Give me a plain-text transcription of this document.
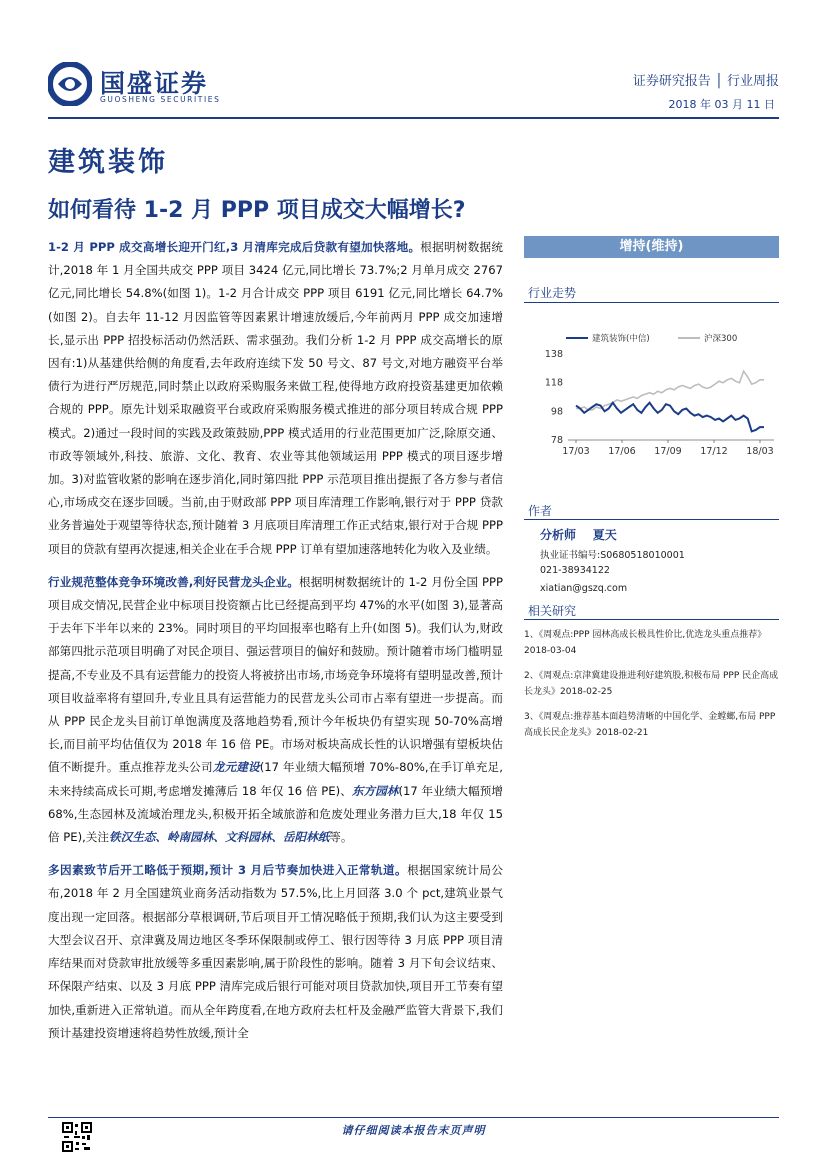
国盛证券
GUOSHENG SECURITIES
证券研究报告 │ 行业周报
2018 年 03 月 11 日
建筑装饰
如何看待 1-2 月 PPP 项目成交大幅增长?

1-2 月 PPP 成交高增长迎开门红,3 月清库完成后贷款有望加快落地。根据明树数据统计,2018 年 1 月全国共成交 PPP 项目 3424 亿元,同比增长 73.7%;2 月单月成交 2767 亿元,同比增长 54.8%(如图 1)。1-2 月合计成交 PPP 项目 6191 亿元,同比增长 64.7%(如图 2)。自去年 11-12 月因监管等因素累计增速放缓后,今年前两月 PPP 成交加速增长,显示出 PPP 招投标活动仍然活跃、需求强劲。我们分析 1-2 月 PPP 成交高增长的原因有:1)从基建供给侧的角度看,去年政府连续下发 50 号文、87 号文,对地方融资平台举债行为进行严厉规范,同时禁止以政府采购服务来做工程,使得地方政府投资基建更加依赖合规的 PPP。原先计划采取融资平台或政府采购服务模式推进的部分项目转成合规 PPP 模式。2)通过一段时间的实践及政策鼓励,PPP 模式适用的行业范围更加广泛,除原交通、市政等领域外,科技、旅游、文化、教育、农业等其他领域运用 PPP 模式的项目逐步增加。3)对监管收紧的影响在逐步消化,同时第四批 PPP 示范项目推出提振了各方参与者信心,市场成交在逐步回暖。当前,由于财政部 PPP 项目库清理工作影响,银行对于 PPP 贷款业务普遍处于观望等待状态,预计随着 3 月底项目库清理工作正式结束,银行对于合规 PPP 项目的贷款有望再次提速,相关企业在手合规 PPP 订单有望加速落地转化为收入及业绩。

行业规范整体竞争环境改善,利好民营龙头企业。根据明树数据统计的 1-2 月份全国 PPP 项目成交情况,民营企业中标项目投资额占比已经提高到平均 47%的水平(如图 3),显著高于去年下半年以来的 23%。同时项目的平均回报率也略有上升(如图 5)。我们认为,财政部第四批示范项目明确了对民企项目、强运营项目的偏好和鼓励。预计随着市场门槛明显提高,不专业及不具有运营能力的投资人将被挤出市场,市场竞争环境将有望明显改善,预计项目收益率将有望回升,专业且具有运营能力的民营龙头公司市占率有望进一步提高。而从 PPP 民企龙头目前订单饱满度及落地趋势看,预计今年板块仍有望实现 50-70%高增长,而目前平均估值仅为 2018 年 16 倍 PE。市场对板块高成长性的认识增强有望板块估值不断提升。重点推荐龙头公司龙元建设(17 年业绩大幅预增 70%-80%,在手订单充足,未来持续高成长可期,考虑增发摊薄后 18 年仅 16 倍 PE)、东方园林(17 年业绩大幅预增 68%,生态园林及流域治理龙头,积极开拓全域旅游和危废处理业务潜力巨大,18 年仅 15 倍 PE),关注铁汉生态、岭南园林、文科园林、岳阳林纸等。

多因素致节后开工略低于预期,预计 3 月后节奏加快进入正常轨道。根据国家统计局公布,2018 年 2 月全国建筑业商务活动指数为 57.5%,比上月回落 3.0 个 pct,建筑业景气度出现一定回落。根据部分草根调研,节后项目开工情况略低于预期,我们认为这主要受到大型会议召开、京津冀及周边地区冬季环保限制或停工、银行因等待 3 月底 PPP 项目清库结果而对贷款审批放缓等多重因素影响,属于阶段性的影响。随着 3 月下旬会议结束、环保限产结束、以及 3 月底 PPP 清库完成后银行可能对项目贷款加快,项目开工节奏有望加快,重新进入正常轨道。而从全年跨度看,在地方政府去杠杆及金融严监管大背景下,我们预计基建投资增速将趋势性放缓,预计全

增持(维持)
行业走势
78
98
118
138
17/03 17/06 17/09 17/12 18/03
建筑装饰(中信)	沪深300
作者
分析师 夏天
执业证书编号:S0680518010001
021-38934122
xiatian@gszq.com
相关研究
1、《周观点:PPP 园林高成长极具性价比,优选龙头重点推荐》2018-03-04
2、《周观点:京津冀建设推进利好建筑股,积极布局 PPP 民企高成长龙头》2018-02-25
3、《周观点:推荐基本面趋势清晰的中国化学、金螳螂,布局 PPP 高成长民企龙头》2018-02-21
请仔细阅读本报告末页声明
